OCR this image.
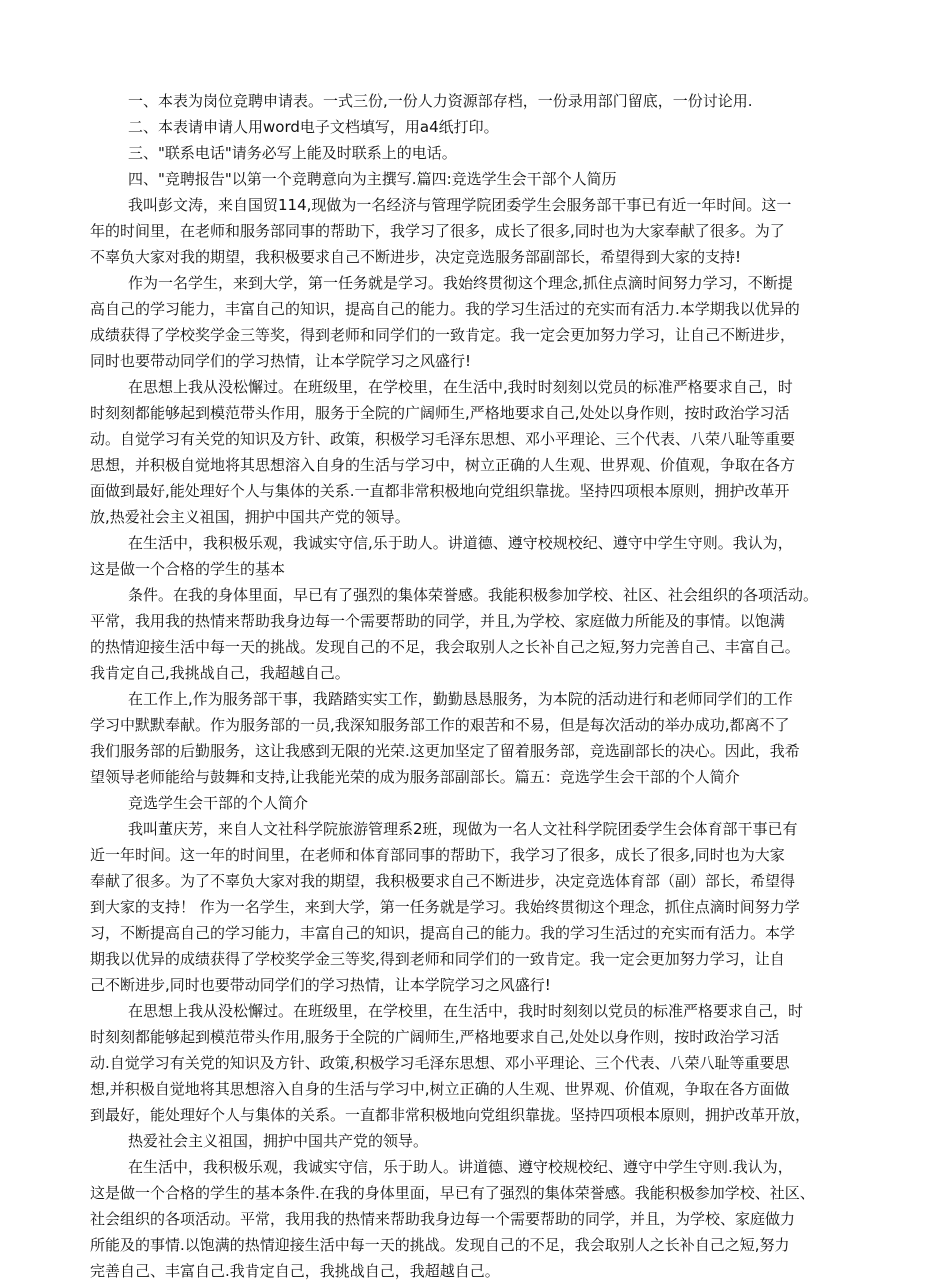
一、本表为岗位竞聘申请表。一式三份,一份人力资源部存档，一份录用部门留底，一份讨论用.
二、本表请申请人用word电子文档填写，用a4纸打印。
三、"联系电话"请务必写上能及时联系上的电话。
四、"竞聘报告"以第一个竞聘意向为主撰写.篇四:竞选学生会干部个人简历
我叫彭文涛，来自国贸114,现做为一名经济与管理学院团委学生会服务部干事已有近一年时间。这一
年的时间里，在老师和服务部同事的帮助下，我学习了很多，成长了很多,同时也为大家奉献了很多。为了
不辜负大家对我的期望，我积极要求自己不断进步，决定竞选服务部副部长，希望得到大家的支持!
作为一名学生，来到大学，第一任务就是学习。我始终贯彻这个理念,抓住点滴时间努力学习，不断提
高自己的学习能力，丰富自己的知识，提高自己的能力。我的学习生活过的充实而有活力.本学期我以优异的
成绩获得了学校奖学金三等奖，得到老师和同学们的一致肯定。我一定会更加努力学习，让自己不断进步，
同时也要带动同学们的学习热情，让本学院学习之风盛行!
在思想上我从没松懈过。在班级里，在学校里，在生活中,我时时刻刻以党员的标准严格要求自己，时
时刻刻都能够起到模范带头作用，服务于全院的广阔师生,严格地要求自己,处处以身作则，按时政治学习活
动。自觉学习有关党的知识及方针、政策，积极学习毛泽东思想、邓小平理论、三个代表、八荣八耻等重要
思想，并积极自觉地将其思想溶入自身的生活与学习中，树立正确的人生观、世界观、价值观，争取在各方
面做到最好,能处理好个人与集体的关系.一直都非常积极地向党组织靠拢。坚持四项根本原则，拥护改革开
放,热爱社会主义祖国，拥护中国共产党的领导。
在生活中，我积极乐观，我诚实守信,乐于助人。讲道德、遵守校规校纪、遵守中学生守则。我认为，
这是做一个合格的学生的基本
条件。在我的身体里面，早已有了强烈的集体荣誉感。我能积极参加学校、社区、社会组织的各项活动。
平常，我用我的热情来帮助我身边每一个需要帮助的同学，并且,为学校、家庭做力所能及的事情。以饱满
的热情迎接生活中每一天的挑战。发现自己的不足，我会取别人之长补自己之短,努力完善自己、丰富自己。
我肯定自己,我挑战自己，我超越自己。
在工作上,作为服务部干事，我踏踏实实工作，勤勤恳恳服务，为本院的活动进行和老师同学们的工作
学习中默默奉献。作为服务部的一员,我深知服务部工作的艰苦和不易，但是每次活动的举办成功,都离不了
我们服务部的后勤服务，这让我感到无限的光荣.这更加坚定了留着服务部，竞选副部长的决心。因此，我希
望领导老师能给与鼓舞和支持,让我能光荣的成为服务部副部长。篇五：竞选学生会干部的个人简介
竞选学生会干部的个人简介
我叫董庆芳，来自人文社科学院旅游管理系2班，现做为一名人文社科学院团委学生会体育部干事已有
近一年时间。这一年的时间里，在老师和体育部同事的帮助下，我学习了很多，成长了很多,同时也为大家
奉献了很多。为了不辜负大家对我的期望，我积极要求自己不断进步，决定竞选体育部（副）部长，希望得
到大家的支持！ 作为一名学生，来到大学，第一任务就是学习。我始终贯彻这个理念，抓住点滴时间努力学
习，不断提高自己的学习能力，丰富自己的知识，提高自己的能力。我的学习生活过的充实而有活力。本学
期我以优异的成绩获得了学校奖学金三等奖,得到老师和同学们的一致肯定。我一定会更加努力学习，让自
己不断进步,同时也要带动同学们的学习热情，让本学院学习之风盛行!
在思想上我从没松懈过。在班级里，在学校里，在生活中，我时时刻刻以党员的标准严格要求自己，时
时刻刻都能够起到模范带头作用,服务于全院的广阔师生,严格地要求自己,处处以身作则，按时政治学习活
动.自觉学习有关党的知识及方针、政策,积极学习毛泽东思想、邓小平理论、三个代表、八荣八耻等重要思
想,并积极自觉地将其思想溶入自身的生活与学习中,树立正确的人生观、世界观、价值观，争取在各方面做
到最好，能处理好个人与集体的关系。一直都非常积极地向党组织靠拢。坚持四项根本原则，拥护改革开放，
热爱社会主义祖国，拥护中国共产党的领导。
在生活中，我积极乐观，我诚实守信，乐于助人。讲道德、遵守校规校纪、遵守中学生守则.我认为，
这是做一个合格的学生的基本条件.在我的身体里面，早已有了强烈的集体荣誉感。我能积极参加学校、社区、
社会组织的各项活动。平常，我用我的热情来帮助我身边每一个需要帮助的同学，并且，为学校、家庭做力
所能及的事情.以饱满的热情迎接生活中每一天的挑战。发现自己的不足，我会取别人之长补自己之短,努力
完善自己、丰富自己.我肯定自己，我挑战自己，我超越自己。
